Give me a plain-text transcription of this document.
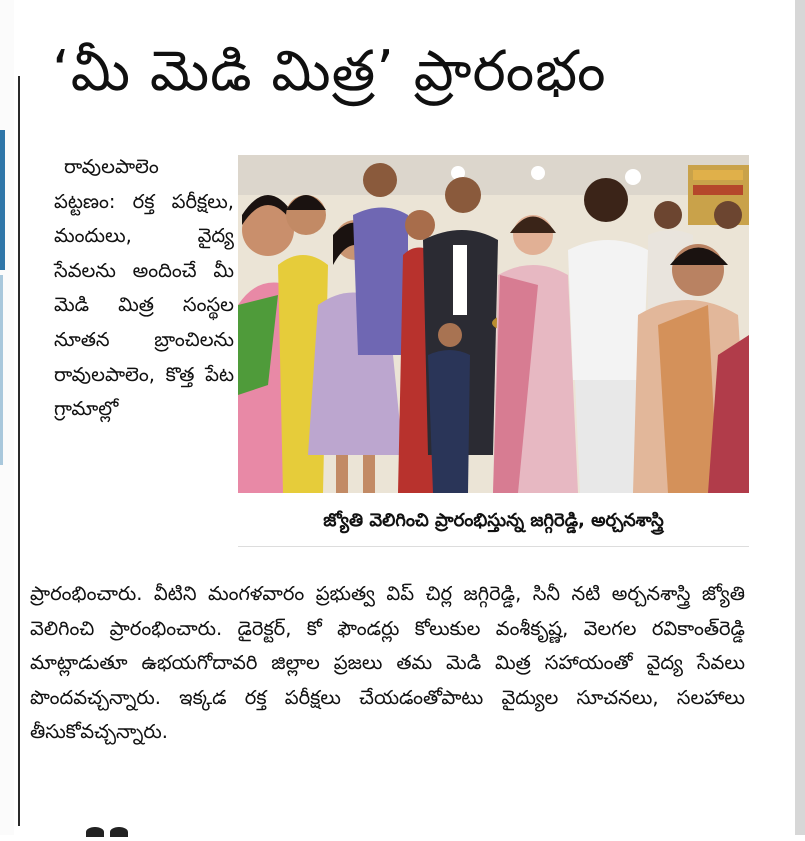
‘మీ మెడి మిత్ర’ ప్రారంభం
రావులపాలెం
పట్టణం: రక్త పరీక్షలు, మందులు, వైద్య సేవలను అందించే మీ మెడి మిత్ర సంస్థల నూతన బ్రాంచిలను రావులపాలెం, కొత్త పేట గ్రామాల్లో
జ్యోతి వెలిగించి ప్రారంభిస్తున్న జగ్గిరెడ్డి, అర్చనశాస్త్రి
ప్రారంభించారు. వీటిని మంగళవారం ప్రభుత్వ విప్ చిర్ల జగ్గిరెడ్డి, సినీ నటి అర్చనశాస్త్రి జ్యోతి వెలిగించి ప్రారంభించారు. డైరెక్టర్, కో ఫౌండర్లు కోలుకుల వంశీకృష్ణ, వెలగల రవికాంత్‌రెడ్డి మాట్లాడుతూ ఉభయగోదావరి జిల్లాల ప్రజలు తమ మెడి మిత్ర సహాయంతో వైద్య సేవలు పొందవచ్చన్నారు. ఇక్కడ రక్త పరీక్షలు చేయడంతోపాటు వైద్యుల సూచనలు, సలహాలు తీసుకోవచ్చన్నారు.
